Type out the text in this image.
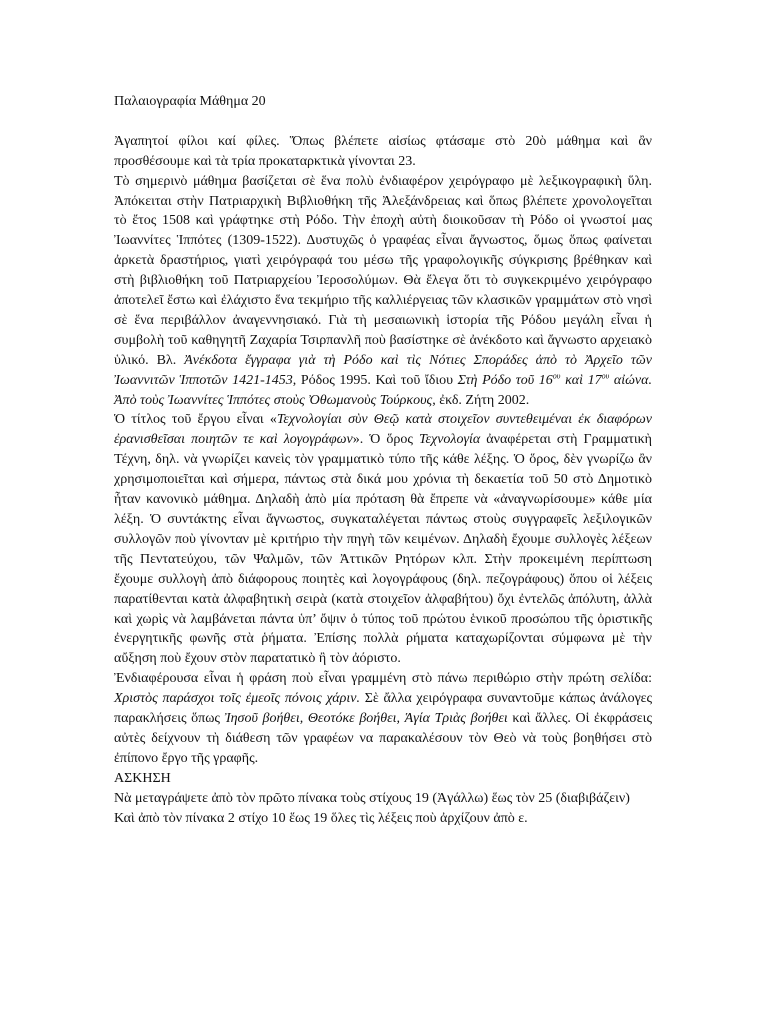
Παλαιογραφία Μάθημα 20

Ἀγαπητοί φίλοι καί φίλες. Ὅπως βλέπετε αἰσίως φτάσαμε στὸ 20ὸ μάθημα καὶ ἂν προσθέσουμε καὶ τὰ τρία προκαταρκτικὰ γίνονται 23.

Τὸ σημερινὸ μάθημα βασίζεται σὲ ἕνα πολὺ ἐνδιαφέρον χειρόγραφο μὲ λεξικογραφικὴ ὕλη. Ἀπόκειται στὴν Πατριαρχικὴ Βιβλιοθήκη τῆς Ἀλεξάνδρειας καὶ ὅπως βλέπετε χρονολογεῖται τὸ ἔτος 1508 καὶ γράφτηκε στὴ Ρόδο. Τὴν ἐποχὴ αὐτὴ διοικοῦσαν τὴ Ρόδο οἱ γνωστοί μας Ἰωαννίτες Ἱππότες (1309-1522). Δυστυχῶς ὁ γραφέας εἶναι ἄγνωστος, ὅμως ὅπως φαίνεται ἀρκετὰ δραστήριος, γιατὶ χειρόγραφά του μέσω τῆς γραφολογικῆς σύγκρισης βρέθηκαν καὶ στὴ βιβλιοθήκη τοῦ Πατριαρχείου Ἰεροσολύμων. Θὰ ἔλεγα ὅτι τὸ συγκεκριμένο χειρόγραφο ἀποτελεῖ ἔστω καὶ ἐλάχιστο ἕνα τεκμήριο τῆς καλλιέργειας τῶν κλασικῶν γραμμάτων στὸ νησὶ σὲ ἕνα περιβάλλον ἀναγεννησιακό. Γιὰ τὴ μεσαιωνικὴ ἱστορία τῆς Ρόδου μεγάλη εἶναι ἡ συμβολὴ τοῦ καθηγητῆ Ζαχαρία Τσιρπανλῆ ποὺ βασίστηκε σὲ ἀνέκδοτο καὶ ἄγνωστο αρχειακὸ ὑλικό. Βλ. Ἀνέκδοτα ἔγγραφα γιὰ τὴ Ρόδο καὶ τὶς Νότιες Σποράδες ἀπὸ τὸ Ἀρχεῖο τῶν Ἰωαννιτῶν Ἱπποτῶν 1421-1453, Ρόδος 1995. Καὶ τοῦ ἴδιου Στὴ Ρόδο τοῦ $16^{o\upsilon}$ καὶ $17^{o\upsilon}$ αἰώνα. Ἀπὸ τοὺς Ἰωαννίτες Ἱππότες στοὺς Ὀθωμανοὺς Τούρκους, ἐκδ. Ζήτη 2002.

Ὁ τίτλος τοῦ ἔργου εἶναι «Τεχνολογίαι σὺν Θεῷ κατὰ στοιχεῖον συντεθειμέναι ἐκ διαφόρων ἐρανισθεῖσαι ποιητῶν τε καὶ λογογράφων». Ὁ ὅρος Τεχνολογία ἀναφέρεται στὴ Γραμματικὴ Τέχνη, δηλ. νὰ γνωρίζει κανεὶς τὸν γραμματικὸ τύπο τῆς κάθε λέξης. Ὁ ὅρος, δὲν γνωρίζω ἂν χρησιμοποιεῖται καὶ σήμερα, πάντως στὰ δικά μου χρόνια τὴ δεκαετία τοῦ 50 στὸ Δημοτικὸ ἦταν κανονικὸ μάθημα. Δηλαδὴ ἀπὸ μία πρόταση θὰ ἔπρεπε νὰ «ἀναγνωρίσουμε» κάθε μία λέξη. Ὁ συντάκτης εἶναι ἄγνωστος, συγκαταλέγεται πάντως στοὺς συγγραφεῖς λεξιλογικῶν συλλογῶν ποὺ γίνονταν μὲ κριτήριο τὴν πηγὴ τῶν κειμένων. Δηλαδὴ ἔχουμε συλλογὲς λέξεων τῆς Πεντατεύχου, τῶν Ψαλμῶν, τῶν Ἀττικῶν Ρητόρων κλπ. Στὴν προκειμένη περίπτωση ἔχουμε συλλογὴ ἀπὸ διάφορους ποιητὲς καὶ λογογράφους (δηλ. πεζογράφους) ὅπου οἱ λέξεις παρατίθενται κατὰ ἀλφαβητικὴ σειρὰ (κατὰ στοιχεῖον ἀλφαβήτου) ὄχι ἐντελῶς ἀπόλυτη, ἀλλὰ καὶ χωρὶς νὰ λαμβάνεται πάντα ὑπ’ ὄψιν ὁ τύπος τοῦ πρώτου ἑνικοῦ προσώπου τῆς ὁριστικῆς ἐνεργητικῆς φωνῆς στὰ ῥήματα. Ἐπίσης πολλὰ ρήματα καταχωρίζονται σύμφωνα μὲ τὴν αὔξηση ποὺ ἔχουν στὸν παρατατικὸ ἢ τὸν ἀόριστο.

Ἐνδιαφέρουσα εἶναι ἡ φράση ποὺ εἶναι γραμμένη στὸ πάνω περιθώριο στὴν πρώτη σελίδα: Χριστὸς παράσχοι τοῖς ἐμεοῖς πόνοις χάριν. Σὲ ἄλλα χειρόγραφα συναντοῦμε κάπως ἀνάλογες παρακλήσεις ὅπως Ἰησοῦ βοήθει, Θεοτόκε βοήθει, Ἁγία Τριὰς βοήθει καὶ ἄλλες. Οἱ ἐκφράσεις αὐτὲς δείχνουν τὴ διάθεση τῶν γραφέων να παρακαλέσουν τὸν Θεὸ νὰ τοὺς βοηθήσει στὸ ἐπίπονο ἔργο τῆς γραφῆς.

ΑΣΚΗΣΗ

Νὰ μεταγράψετε ἀπὸ τὸν πρῶτο πίνακα τοὺς στίχους 19 (Ἀγάλλω) ἕως τὸν 25 (διαβιβάζειν)

Καὶ ἀπὸ τὸν πίνακα 2 στίχο 10 ἕως 19 ὅλες τὶς λέξεις ποὺ ἀρχίζουν ἀπὸ ε.
